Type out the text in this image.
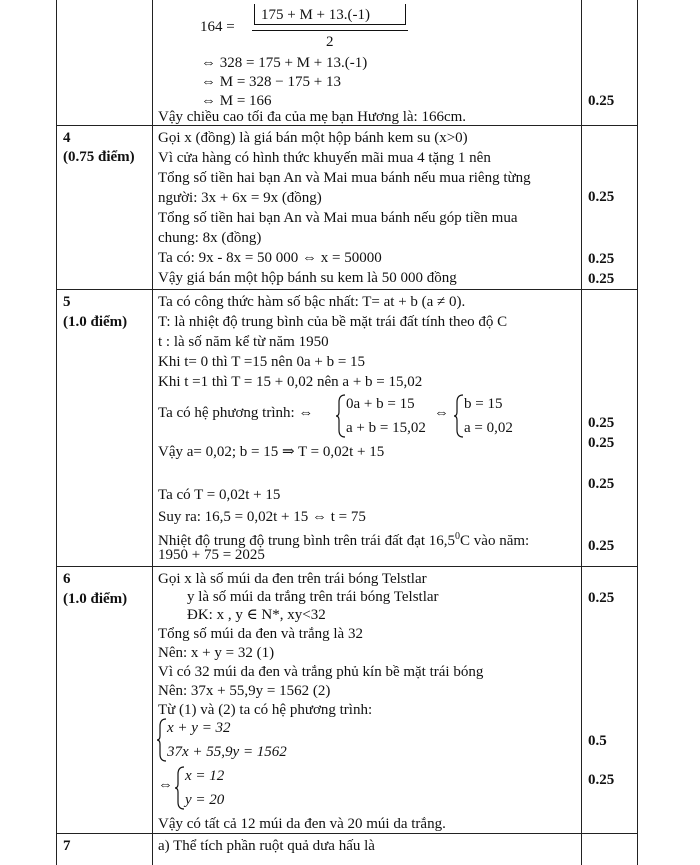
164 =
175 + M + 13.(-1)
2
⇔ 328 = 175 + M + 13.(-1)
⇔ M = 328 − 175 + 13
⇔ M = 166
Vậy chiều cao tối đa của mẹ bạn Hương là: 166cm.
0.25
4
(0.75 điểm)
Gọi x (đồng) là giá bán một hộp bánh kem su (x>0)
Vì cửa hàng có hình thức khuyến mãi mua 4 tặng 1 nên
Tổng số tiền hai bạn An và Mai mua bánh nếu mua riêng từng
người: 3x + 6x = 9x (đồng)
Tổng số tiền hai bạn An và Mai mua bánh nếu góp tiền mua
chung: 8x (đồng)
Ta có: 9x - 8x = 50 000 ⇔ x = 50000
Vậy giá bán một hộp bánh su kem là 50 000 đồng
0.25
0.25
0.25
5
(1.0 điểm)
Ta có công thức hàm số bậc nhất: T= at + b (a ≠ 0).
T: là nhiệt độ trung bình của bề mặt trái đất tính theo độ C
t : là số năm kể từ năm 1950
Khi t= 0 thì T =15 nên 0a + b = 15
Khi t =1 thì T = 15 + 0,02 nên a + b = 15,02
Ta có hệ phương trình: ⇔
0a + b = 15
a + b = 15,02
⇔
b = 15
a = 0,02
Vậy a= 0,02; b = 15 ⇒ T = 0,02t + 15
Ta có T = 0,02t + 15
Suy ra: 16,5 = 0,02t + 15 ⇔ t = 75
Nhiệt độ trung độ trung bình trên trái đất đạt 16,5$^0$C vào năm:
1950 + 75 = 2025
0.25
0.25
0.25
0.25
6
(1.0 điểm)
Gọi x là số múi da đen trên trái bóng Telstlar
y là số múi da trắng trên trái bóng Telstlar
ĐK: x , y ∈ N*, xy<32
Tổng số múi da đen và trắng là 32
Nên: x + y = 32 (1)
Vì có 32 múi da đen và trắng phủ kín bề mặt trái bóng
Nên: 37x + 55,9y = 1562 (2)
Từ (1) và (2) ta có hệ phương trình:
x + y = 32
37x + 55,9y = 1562
⇔
x = 12
y = 20
Vậy có tất cả 12 múi da đen và 20 múi da trắng.
0.25
0.5
0.25
7	a) Thể tích phần ruột quả dưa hấu là
